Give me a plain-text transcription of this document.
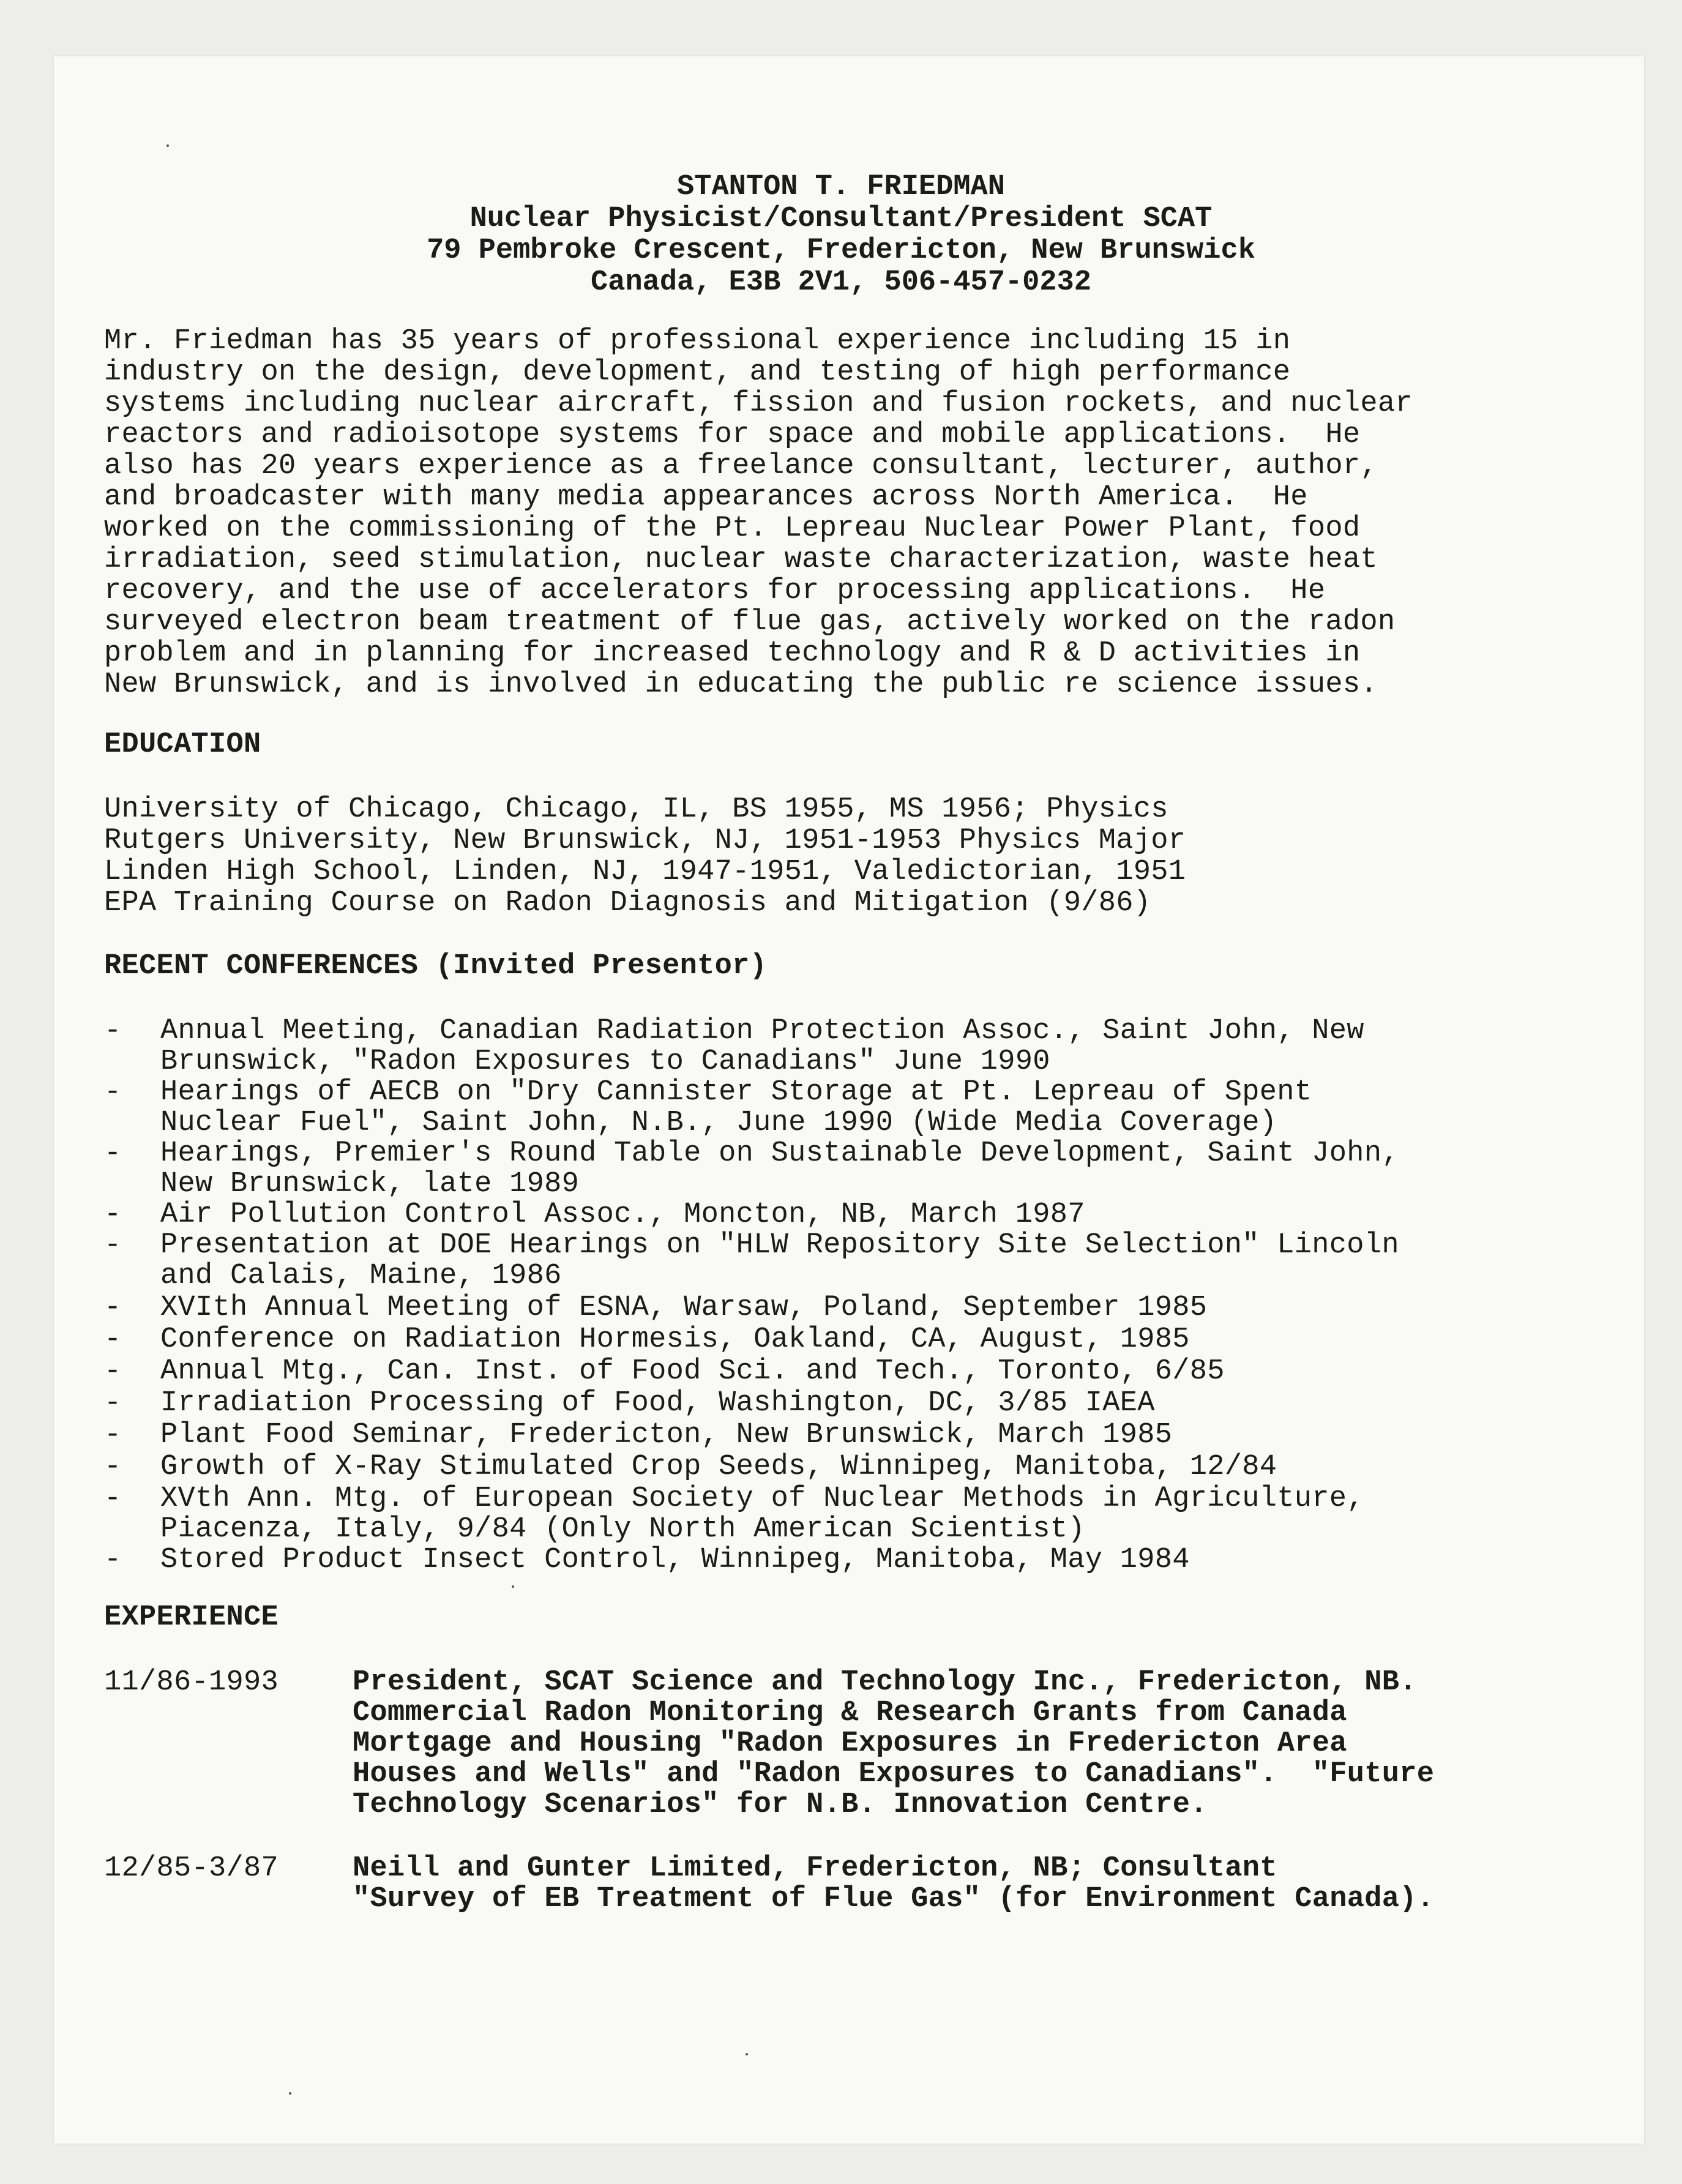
STANTON T. FRIEDMAN
Nuclear Physicist/Consultant/President SCAT
79 Pembroke Crescent, Fredericton, New Brunswick
Canada, E3B 2V1, 506-457-0232
Mr. Friedman has 35 years of professional experience including 15 in
industry on the design, development, and testing of high performance
systems including nuclear aircraft, fission and fusion rockets, and nuclear
reactors and radioisotope systems for space and mobile applications.  He
also has 20 years experience as a freelance consultant, lecturer, author,
and broadcaster with many media appearances across North America.  He
worked on the commissioning of the Pt. Lepreau Nuclear Power Plant, food
irradiation, seed stimulation, nuclear waste characterization, waste heat
recovery, and the use of accelerators for processing applications.  He
surveyed electron beam treatment of flue gas, actively worked on the radon
problem and in planning for increased technology and R & D activities in
New Brunswick, and is involved in educating the public re science issues.
EDUCATION
University of Chicago, Chicago, IL, BS 1955, MS 1956; Physics
Rutgers University, New Brunswick, NJ, 1951-1953 Physics Major
Linden High School, Linden, NJ, 1947-1951, Valedictorian, 1951
EPA Training Course on Radon Diagnosis and Mitigation (9/86)
RECENT CONFERENCES (Invited Presentor)
- Annual Meeting, Canadian Radiation Protection Assoc., Saint John, New
Brunswick, "Radon Exposures to Canadians" June 1990
- Hearings of AECB on "Dry Cannister Storage at Pt. Lepreau of Spent
Nuclear Fuel", Saint John, N.B., June 1990 (Wide Media Coverage)
- Hearings, Premier's Round Table on Sustainable Development, Saint John,
New Brunswick, late 1989
- Air Pollution Control Assoc., Moncton, NB, March 1987
- Presentation at DOE Hearings on "HLW Repository Site Selection" Lincoln
and Calais, Maine, 1986
- XVIth Annual Meeting of ESNA, Warsaw, Poland, September 1985
- Conference on Radiation Hormesis, Oakland, CA, August, 1985
- Annual Mtg., Can. Inst. of Food Sci. and Tech., Toronto, 6/85
- Irradiation Processing of Food, Washington, DC, 3/85 IAEA
- Plant Food Seminar, Fredericton, New Brunswick, March 1985
- Growth of X-Ray Stimulated Crop Seeds, Winnipeg, Manitoba, 12/84
- XVth Ann. Mtg. of European Society of Nuclear Methods in Agriculture,
Piacenza, Italy, 9/84 (Only North American Scientist)
- Stored Product Insect Control, Winnipeg, Manitoba, May 1984
EXPERIENCE
11/86-1993	President, SCAT Science and Technology Inc., Fredericton, NB.
Commercial Radon Monitoring & Research Grants from Canada
Mortgage and Housing "Radon Exposures in Fredericton Area
Houses and Wells" and "Radon Exposures to Canadians".  "Future
Technology Scenarios" for N.B. Innovation Centre.
12/85-3/87	Neill and Gunter Limited, Fredericton, NB; Consultant
"Survey of EB Treatment of Flue Gas" (for Environment Canada).
